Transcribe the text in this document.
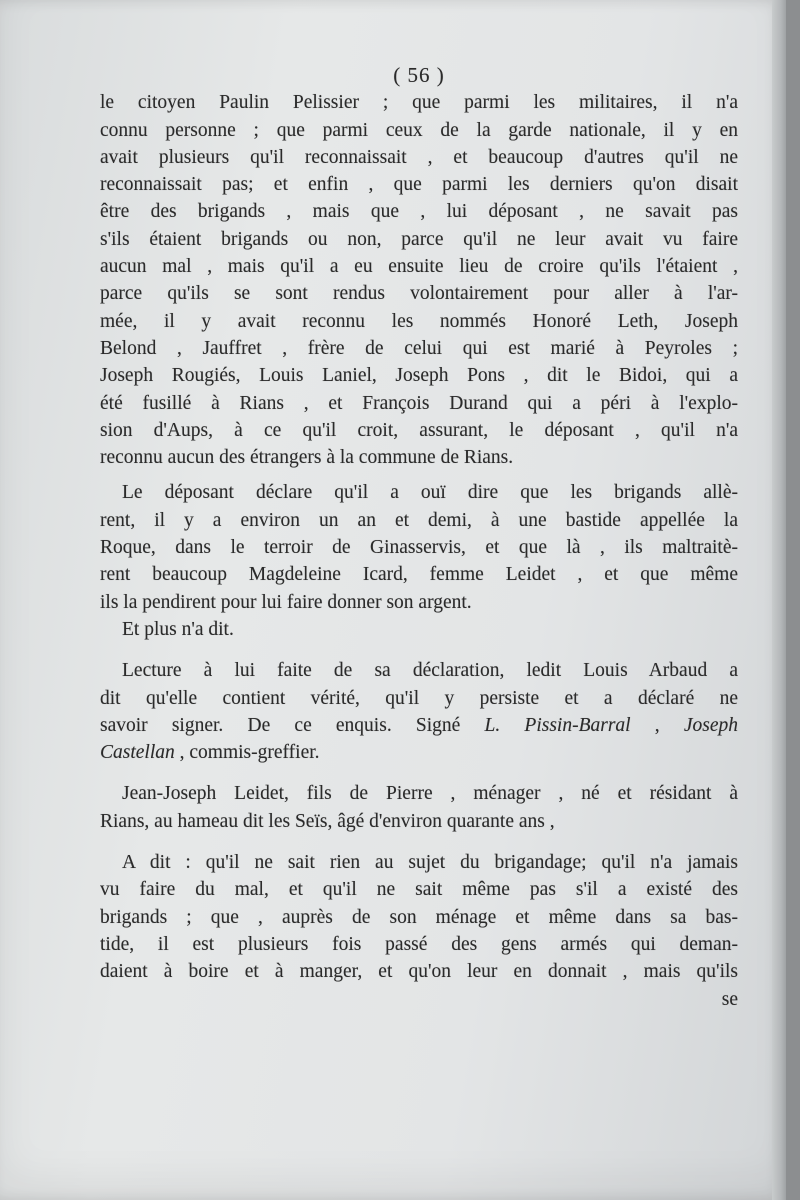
( 56 )
le citoyen Paulin Pelissier ; que parmi les militaires, il n'a
connu personne ; que parmi ceux de la garde nationale, il y en
avait plusieurs qu'il reconnaissait , et beaucoup d'autres qu'il ne
reconnaissait pas; et enfin , que parmi les derniers qu'on disait
être des brigands , mais que , lui déposant , ne savait pas
s'ils étaient brigands ou non, parce qu'il ne leur avait vu faire
aucun mal , mais qu'il a eu ensuite lieu de croire qu'ils l'étaient ,
parce qu'ils se sont rendus volontairement pour aller à l'ar-
mée, il y avait reconnu les nommés Honoré Leth, Joseph
Belond , Jauffret , frère de celui qui est marié à Peyroles ;
Joseph Rougiés, Louis Laniel, Joseph Pons , dit le Bidoi, qui a
été fusillé à Rians , et François Durand qui a péri à l'explo-
sion d'Aups, à ce qu'il croit, assurant, le déposant , qu'il n'a
reconnu aucun des étrangers à la commune de Rians.
Le déposant déclare qu'il a ouï dire que les brigands allè-
rent, il y a environ un an et demi, à une bastide appellée la
Roque, dans le terroir de Ginasservis, et que là , ils maltraitè-
rent beaucoup Magdeleine Icard, femme Leidet , et que même
ils la pendirent pour lui faire donner son argent.
Et plus n'a dit.
Lecture à lui faite de sa déclaration, ledit Louis Arbaud a
dit qu'elle contient vérité, qu'il y persiste et a déclaré ne
savoir signer. De ce enquis. Signé L. Pissin-Barral , Joseph
Castellan , commis-greffier.
Jean-Joseph Leidet, fils de Pierre , ménager , né et résidant à
Rians, au hameau dit les Seïs, âgé d'environ quarante ans ,
A dit : qu'il ne sait rien au sujet du brigandage; qu'il n'a jamais
vu faire du mal, et qu'il ne sait même pas s'il a existé des
brigands ; que , auprès de son ménage et même dans sa bas-
tide, il est plusieurs fois passé des gens armés qui deman-
daient à boire et à manger, et qu'on leur en donnait , mais qu'ils
se
